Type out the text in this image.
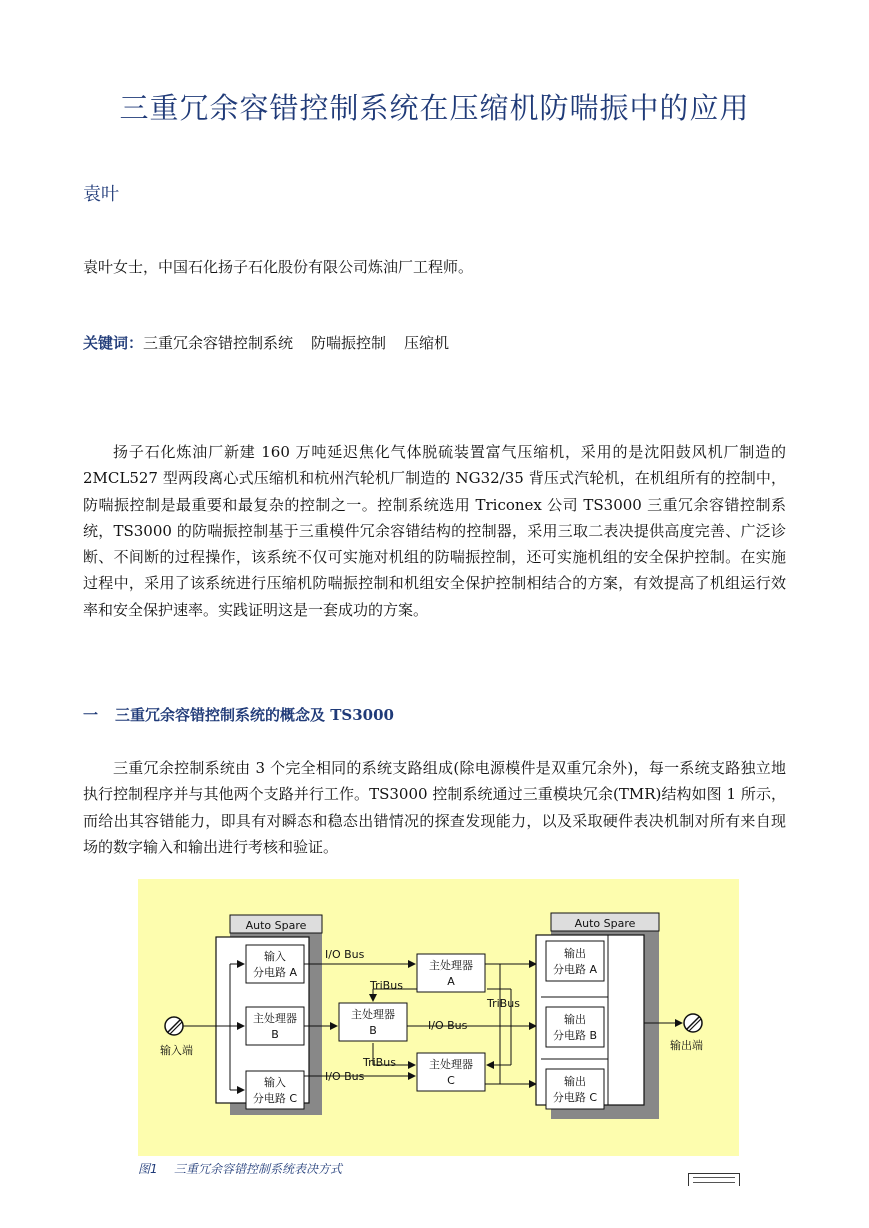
三重冗余容错控制系统在压缩机防喘振中的应用
袁叶
袁叶女士，中国石化扬子石化股份有限公司炼油厂工程师。
关键词：三重冗余容错控制系统 防喘振控制 压缩机

扬子石化炼油厂新建 160 万吨延迟焦化气体脱硫装置富气压缩机，采用的是沈阳鼓风机厂制造的 2MCL527 型两段离心式压缩机和杭州汽轮机厂制造的 NG32/35 背压式汽轮机，在机组所有的控制中，防喘振控制是最重要和最复杂的控制之一。控制系统选用 Triconex 公司 TS3000 三重冗余容错控制系统，TS3000 的防喘振控制基于三重模件冗余容错结构的控制器，采用三取二表决提供高度完善、广泛诊断、不间断的过程操作，该系统不仅可实施对机组的防喘振控制，还可实施机组的安全保护控制。在实施过程中，采用了该系统进行压缩机防喘振控制和机组安全保护控制相结合的方案，有效提高了机组运行效率和安全保护速率。实践证明这是一套成功的方案。

一 三重冗余容错控制系统的概念及 TS3000

三重冗余控制系统由 3 个完全相同的系统支路组成(除电源模件是双重冗余外)，每一系统支路独立地执行控制程序并与其他两个支路并行工作。TS3000 控制系统通过三重模块冗余(TMR)结构如图 1 所示，而给出其容错能力，即具有对瞬态和稳态出错情况的探查发现能力，以及采取硬件表决机制对所有来自现场的数字输入和输出进行考核和验证。

Auto Spare
输入
分电路 A
主处理器
B
输入
分电路 C
输入端
主处理器
A
主处理器
B
主处理器
C
I/O Bus
I/O Bus
TriBus
TriBus
TriBus
I/O Bus
Auto Spare
输出
分电路 A
输出
分电路 B
输出
分电路 C
输出端
图1 三重冗余容错控制系统表决方式
